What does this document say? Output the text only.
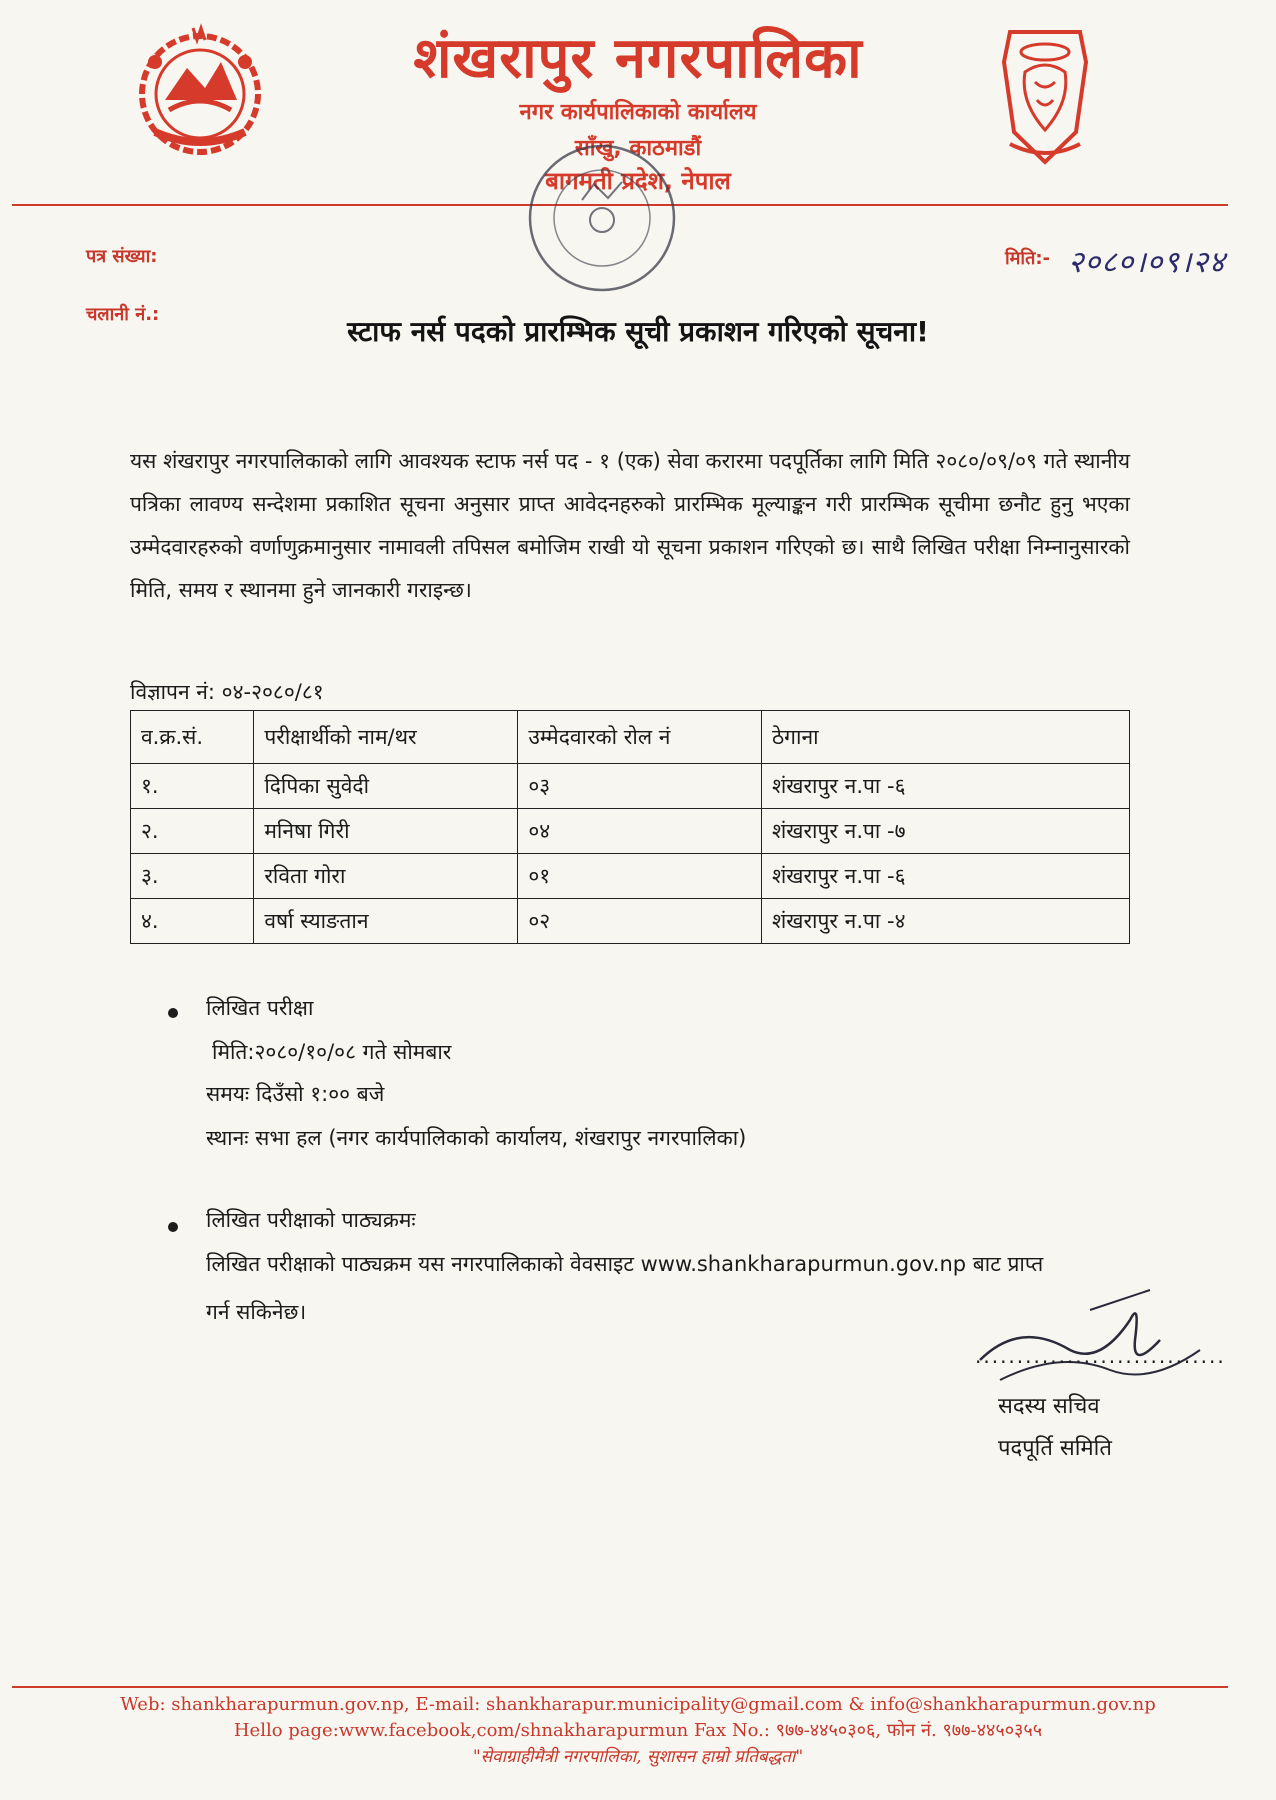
शंखरापुर नगरपालिका
नगर कार्यपालिकाको कार्यालय
साँखु, काठमाडौं
बागमती प्रदेश, नेपाल
पत्र संख्या:
चलानी नं.:
मिति:- २०८०।०९।२४
स्टाफ नर्स पदको प्रारम्भिक सूची प्रकाशन गरिएको सूचना!
यस शंखरापुर नगरपालिकाको लागि आवश्यक स्टाफ नर्स पद - १ (एक) सेवा करारमा पदपूर्तिका लागि मिति २०८०/०९/०९ गते स्थानीय पत्रिका लावण्य सन्देशमा प्रकाशित सूचना अनुसार प्राप्त आवेदनहरुको प्रारम्भिक मूल्याङ्कन गरी प्रारम्भिक सूचीमा छनौट हुनु भएका उम्मेदवारहरुको वर्णाणुक्रमानुसार नामावली तपिसल बमोजिम राखी यो सूचना प्रकाशन गरिएको छ। साथै लिखित परीक्षा निम्नानुसारको मिति, समय र स्थानमा हुने जानकारी गराइन्छ।
विज्ञापन नं: ०४-२०८०/८१
व.क्र.सं.	परीक्षार्थीको नाम/थर	उम्मेदवारको रोल नं	ठेगाना
१.	दिपिका सुवेदी	०३	शंखरापुर न.पा -६
२.	मनिषा गिरी	०४	शंखरापुर न.पा -७
३.	रविता गोरा	०१	शंखरापुर न.पा -६
४.	वर्षा स्याङतान	०२	शंखरापुर न.पा -४
लिखित परीक्षा
मिति:२०८०/१०/०८ गते सोमबार
समयः दिउँसो १:०० बजे
स्थानः सभा हल (नगर कार्यपालिकाको कार्यालय, शंखरापुर नगरपालिका)
लिखित परीक्षाको पाठ्यक्रमः
लिखित परीक्षाको पाठ्यक्रम यस नगरपालिकाको वेवसाइट www.shankharapurmun.gov.np बाट प्राप्त
गर्न सकिनेछ।
..............................
सदस्य सचिव
पदपूर्ति समिति
Web: shankharapurmun.gov.np, E-mail: shankharapur.municipality@gmail.com & info@shankharapurmun.gov.np
Hello page:www.facebook,com/shnakharapurmun Fax No.: ९७७-४४५०३०६, फोन नं. ९७७-४४५०३५५
"सेवाग्राहीमैत्री नगरपालिका, सुशासन हाम्रो प्रतिबद्धता"
